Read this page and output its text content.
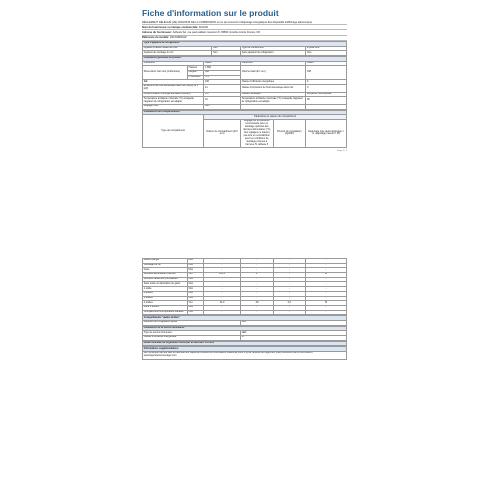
Fiche d'information sur le produit
RÈGLEMENT DÉLÉGUÉ (UE) 2019/2016 DE LA COMMISSION en ce qui concerne l'étiquetage énergétique des dispositifs d'affichage électronique
Nom du fournisseur ou marque commerciale: FAGOR
Adresse du fournisseur: Ádhesis SA, rue paul-vaillant couturier ZI, 95800 Jonville-Comte France, FR
Référence du modèle: FSFN186DLW
Type d'appareil de réfrigération:			
Appareil à faible niveau de bruit:	Non	Type de construction:	à pose libre
Appareil de stockage du vin:	Non	Autre appareil de réfrigération:	Non
Paramètres généraux du produit:				
Paramètre		Valeur	Paramètre	Valeur
Dimensions hors tout (millimètres)	Hauteur	1 860	Volume total (dm³ ou l)	238
	Largeur	596		
	Profondeur	575		
IEE		100	Classe d'efficacité énergétique	F
Émissions de bruit acoustique dans l'air (dB(A) re 1 pW)		41	Classe d'émissions de bruit acoustique dans l'air	C
Consommation d'énergie annuelle (kWh/an)		157	Classe climatique:	tempérée, subtropicale
Température ambiante minimale (°C) à laquelle l'appareil de réfrigération est adapté		16	Température ambiante maximale (°C) à laquelle l'appareil de réfrigération est adapté	38
Réglage hiver		Non		
Paramètres des compartiments:				
Type de compartiment	Paramètres et valeurs du compartiment			
	Volume du compartiment (dm³ ou l)	Réglage de température recommandé pour un stockage optimisé des denrées alimentaires (°C) Ces réglages ne doivent pas être en contradiction avec les conditions de stockage prévues à l'annexe IV, tableau 3	Pouvoir de congélation (kg/24h)	Dégivrage type (auto-dégivrage = A, dégivrage manuel = M)
Page 1 / 2
Garde-manger	Non	-	-	-	-
Stockage du vin	Non	-	-	-	-
Cave	Non	-	-	-	-
Denrées alimentaires fraîches	Oui	191,0	4	-	M
Denrées hautement périssables	Non	-	-	-	-
Sans étoile ou fabrication de glace	Non	-	-	-	-
1 étoile	Non	-	-	-	-
2 étoiles	Non	-	-	-	-
3 étoiles	Non	-	-	-	-
4 étoiles	Oui	24,0	-18	2,0	M
Zone 2 étoiles	Non	-	-	-	-
Compartiment à température variable	Non	-	-	-	-
Compartiments "quatre étoiles"
Dispositif de congélation rapide	Non
Paramètres de la source lumineuse:	
Type de source lumineuse:	LED
Classe d'efficacité énergétique:	G
Durée minimale de la garantie offerte par le fabricant: 24 mois
Informations supplémentaires:
Lien renvoyant au site web du fabricant sur lequel se trouvent les informations visées au point 4 a) de l'annexe du règlement (UE) 2019/2019 de la Commission: www.fagorelectromenager.com
